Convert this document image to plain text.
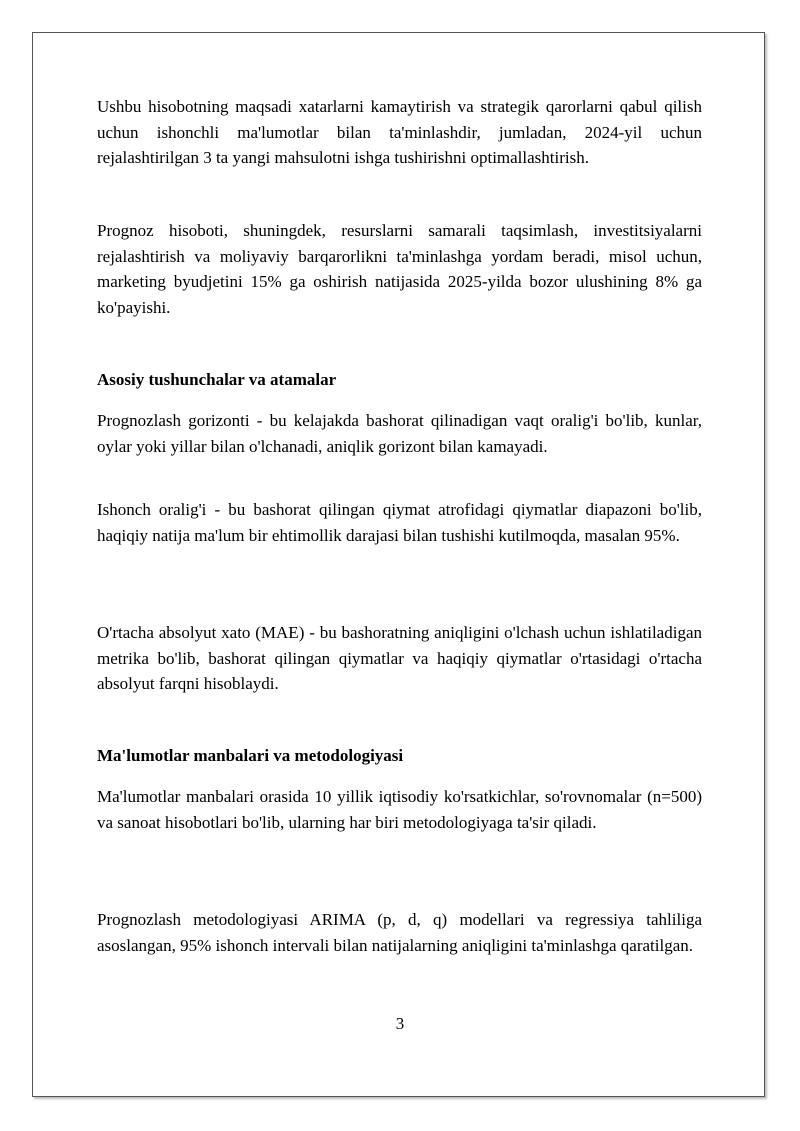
Ushbu hisobotning maqsadi xatarlarni kamaytirish va strategik qarorlarni qabul qilish uchun ishonchli ma'lumotlar bilan ta'minlashdir, jumladan, 2024-yil uchun rejalashtirilgan 3 ta yangi mahsulotni ishga tushirishni optimallashtirish.

Prognoz hisoboti, shuningdek, resurslarni samarali taqsimlash, investitsiyalarni rejalashtirish va moliyaviy barqarorlikni ta'minlashga yordam beradi, misol uchun, marketing byudjetini 15% ga oshirish natijasida 2025-yilda bozor ulushining 8% ga ko'payishi.

Asosiy tushunchalar va atamalar

Prognozlash gorizonti - bu kelajakda bashorat qilinadigan vaqt oralig'i bo'lib, kunlar, oylar yoki yillar bilan o'lchanadi, aniqlik gorizont bilan kamayadi.

Ishonch oralig'i - bu bashorat qilingan qiymat atrofidagi qiymatlar diapazoni bo'lib, haqiqiy natija ma'lum bir ehtimollik darajasi bilan tushishi kutilmoqda, masalan 95%.

O'rtacha absolyut xato (MAE) - bu bashoratning aniqligini o'lchash uchun ishlatiladigan metrika bo'lib, bashorat qilingan qiymatlar va haqiqiy qiymatlar o'rtasidagi o'rtacha absolyut farqni hisoblaydi.

Ma'lumotlar manbalari va metodologiyasi

Ma'lumotlar manbalari orasida 10 yillik iqtisodiy ko'rsatkichlar, so'rovnomalar (n=500) va sanoat hisobotlari bo'lib, ularning har biri metodologiyaga ta'sir qiladi.

Prognozlash metodologiyasi ARIMA (p, d, q) modellari va regressiya tahliliga asoslangan, 95% ishonch intervali bilan natijalarning aniqligini ta'minlashga qaratilgan.

3
